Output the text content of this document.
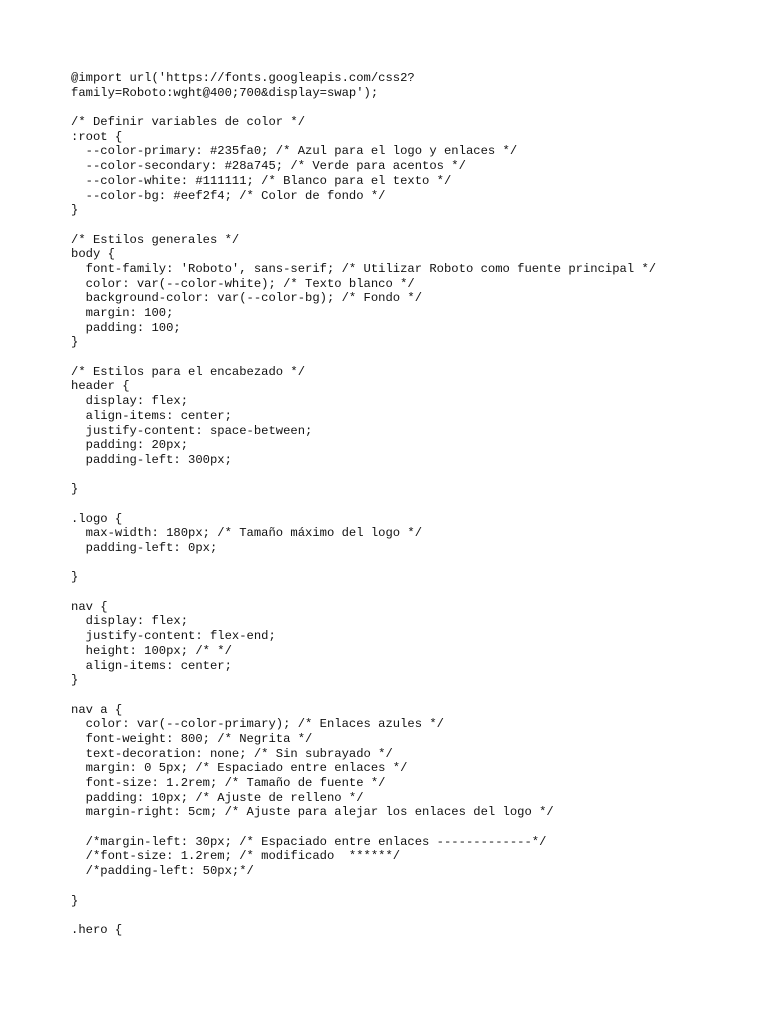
@import url('https://fonts.googleapis.com/css2?
family=Roboto:wght@400;700&display=swap');
/* Definir variables de color */
:root {
--color-primary: #235fa0; /* Azul para el logo y enlaces */
--color-secondary: #28a745; /* Verde para acentos */
--color-white: #111111; /* Blanco para el texto */
--color-bg: #eef2f4; /* Color de fondo */
}
/* Estilos generales */
body {
font-family: 'Roboto', sans-serif; /* Utilizar Roboto como fuente principal */
color: var(--color-white); /* Texto blanco */
background-color: var(--color-bg); /* Fondo */
margin: 100;
padding: 100;
}
/* Estilos para el encabezado */
header {
display: flex;
align-items: center;
justify-content: space-between;
padding: 20px;
padding-left: 300px;
}
.logo {
max-width: 180px; /* Tamaño máximo del logo */
padding-left: 0px;
}
nav {
display: flex;
justify-content: flex-end;
height: 100px; /* */
align-items: center;
}
nav a {
color: var(--color-primary); /* Enlaces azules */
font-weight: 800; /* Negrita */
text-decoration: none; /* Sin subrayado */
margin: 0 5px; /* Espaciado entre enlaces */
font-size: 1.2rem; /* Tamaño de fuente */
padding: 10px; /* Ajuste de relleno */
margin-right: 5cm; /* Ajuste para alejar los enlaces del logo */
/*margin-left: 30px; /* Espaciado entre enlaces -------------*/
/*font-size: 1.2rem; /* modificado  ******/
/*padding-left: 50px;*/
}
.hero {
